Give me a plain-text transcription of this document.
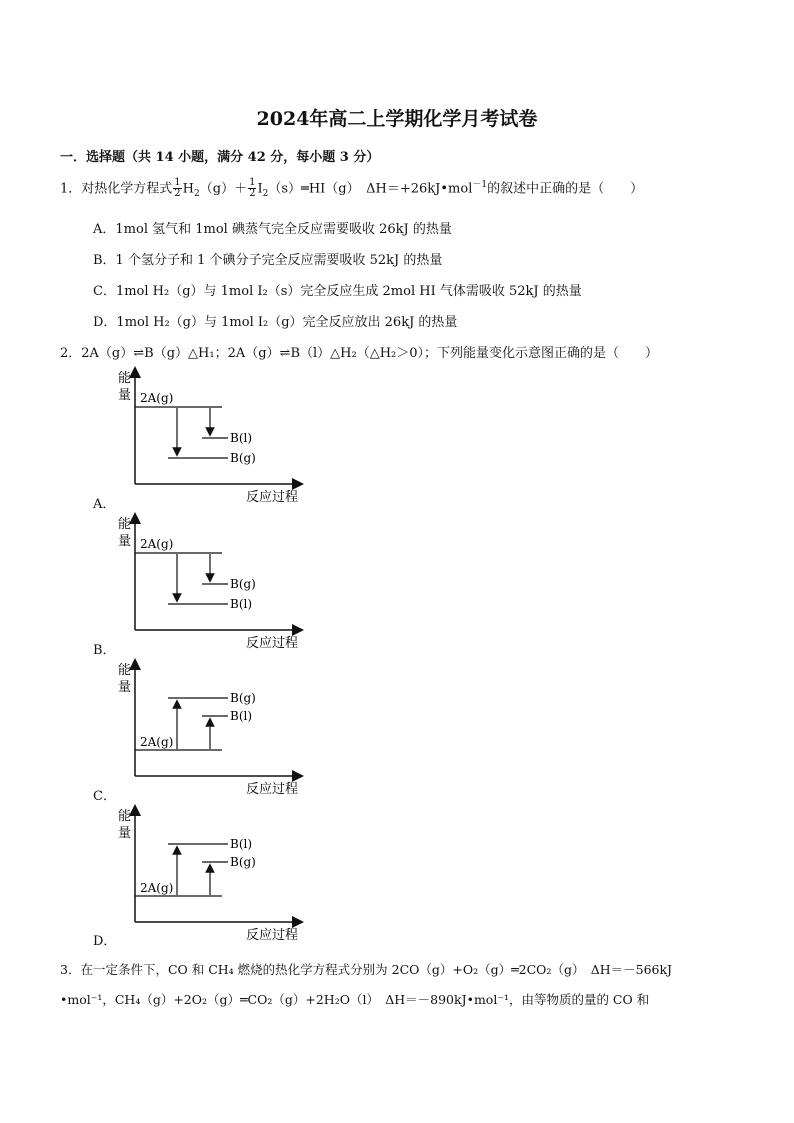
2024年高二上学期化学月考试卷
一．选择题（共 14 小题，满分 42 分，每小题 3 分）
1．对热化学方程式 $\frac{1}{2} H_2(g)+ \frac{1}{2}$ $I_2(s)═HI(g)$　ΔH＝+26kJ•mol$^{-1}$的叙述中正确的是（　　）
A．1mol 氢气和 1mol 碘蒸气完全反应需要吸收 26kJ 的热量
B．1 个氢分子和 1 个碘分子完全反应需要吸收 52kJ 的热量
C．1mol H₂（g）与 1mol I₂（s）完全反应生成 2mol HI 气体需吸收 52kJ 的热量
D．1mol H₂（g）与 1mol I₂（g）完全反应放出 26kJ 的热量
2．2A（g）⇌B（g）△H₁；2A（g）⇌B（l）△H₂（△H₂＞0）；下列能量变化示意图正确的是（　　）
能
量
反应过程
2A(g)
B(l)
B(g)
A．
能
量
反应过程
2A(g)
B(g)
B(l)
B．
能
量
反应过程
2A(g)
B(g)
B(l)
C．
能
量
反应过程
2A(g)
B(l)
B(g)
D．
3．在一定条件下，CO 和 CH₄ 燃烧的热化学方程式分别为 2CO（g）+O₂（g）═2CO₂（g）　ΔH＝－566kJ
•mol⁻¹，CH₄（g）+2O₂（g）═CO₂（g）+2H₂O（l）　ΔH＝－890kJ•mol⁻¹，由等物质的量的 CO 和
